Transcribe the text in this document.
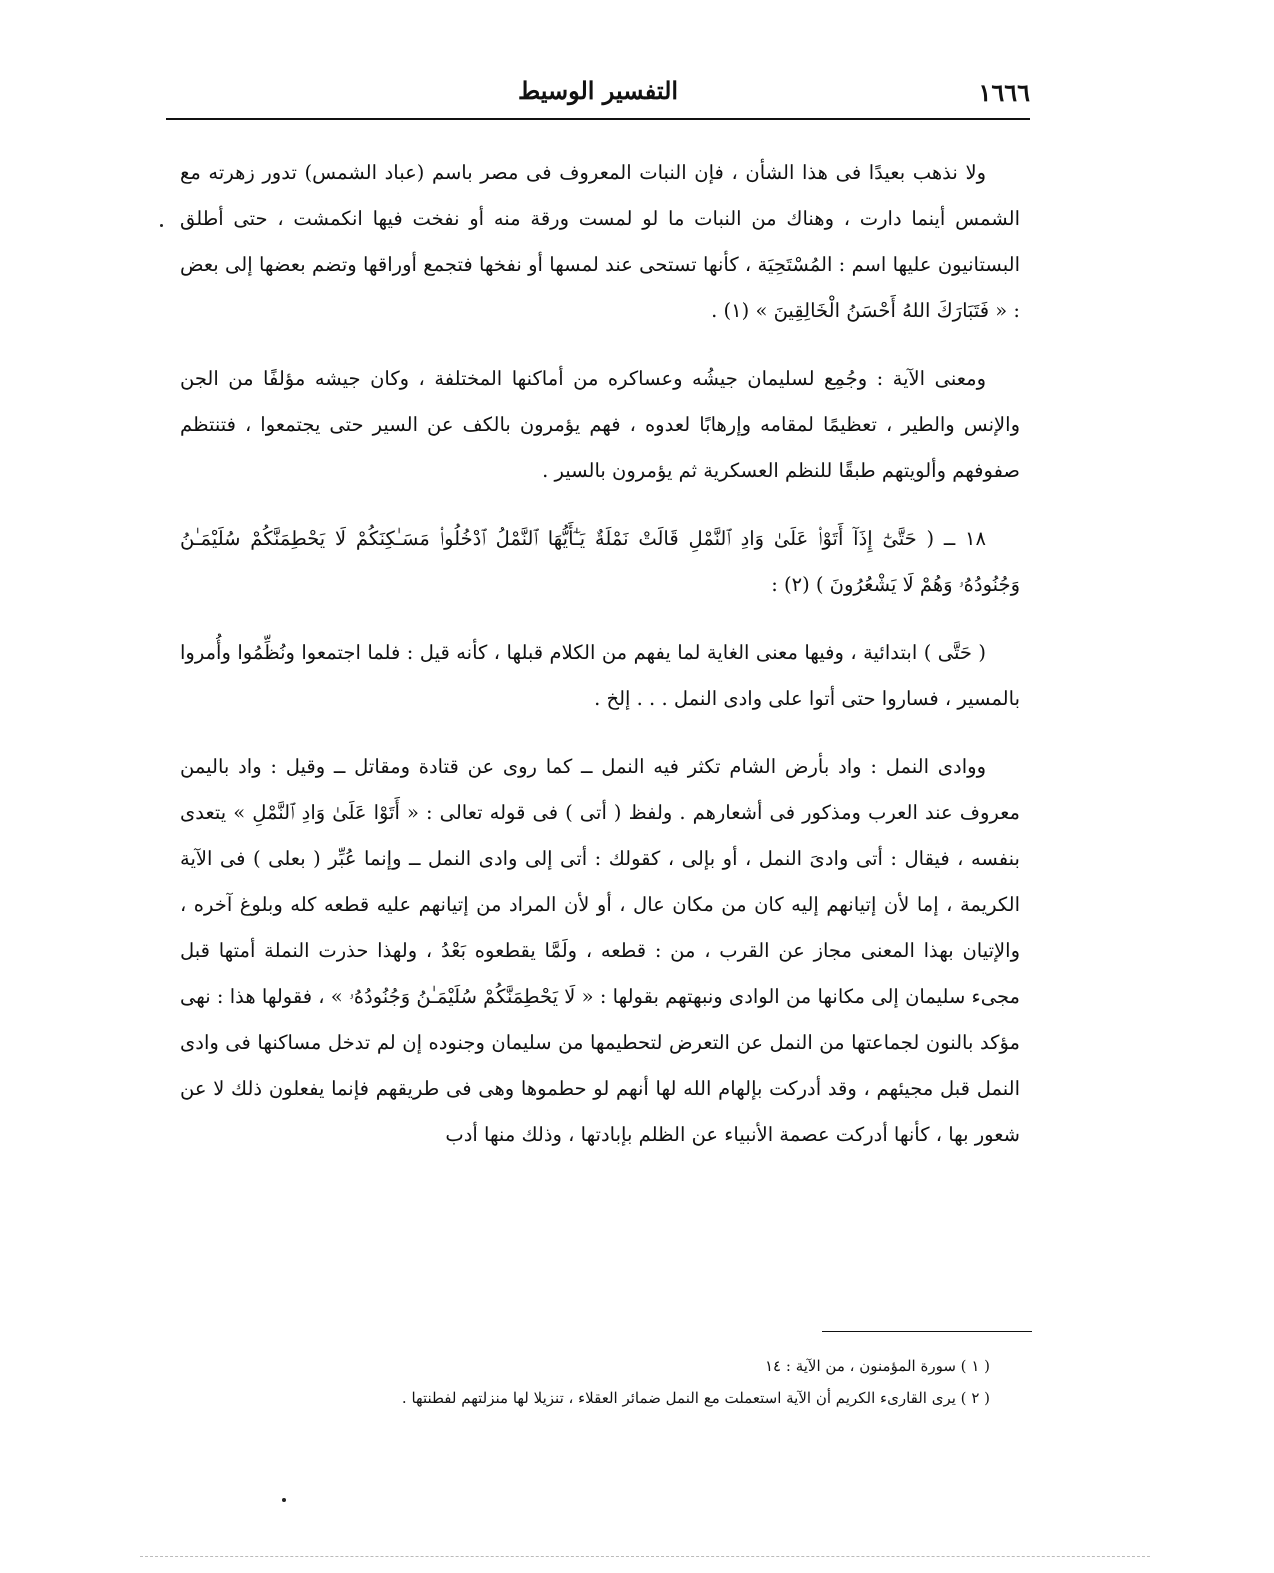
١٦٦٦
التفسير الوسيط

ولا نذهب بعيدًا فى هذا الشأن ، فإن النبات المعروف فى مصر باسم (عباد الشمس) تدور زهرته مع الشمس أينما دارت ، وهناك من النبات ما لو لمست ورقة منه أو نفخت فيها انكمشت ، حتى أطلق البستانيون عليها اسم : المُسْتَحِيَة ، كأنها تستحى عند لمسها أو نفخها فتجمع أوراقها وتضم بعضها إلى بعض : « فَتَبَارَكَ اللهُ أَحْسَنُ الْخَالِقِينَ » (١) .

ومعنى الآية : وجُمِع لسليمان جيشُه وعساكره من أماكنها المختلفة ، وكان جيشه مؤلفًا من الجن والإنس والطير ، تعظيمًا لمقامه وإرهابًا لعدوه ، فهم يؤمرون بالكف عن السير حتى يجتمعوا ، فتنتظم صفوفهم وألويتهم طبقًا للنظم العسكرية ثم يؤمرون بالسير .

١٨ ــ ( حَتَّىٰٓ إِذَآ أَتَوْا۟ عَلَىٰ وَادِ ٱلنَّمْلِ قَالَتْ نَمْلَةٌ يَـٰٓأَيُّهَا ٱلنَّمْلُ ٱدْخُلُوا۟ مَسَـٰكِنَكُمْ لَا يَحْطِمَنَّكُمْ سُلَيْمَـٰنُ وَجُنُودُهُۥ وَهُمْ لَا يَشْعُرُونَ ) (٢) :

( حَتَّى ) ابتدائية ، وفيها معنى الغاية لما يفهم من الكلام قبلها ، كأنه قيل : فلما اجتمعوا ونُظِّمُوا وأُمروا بالمسير ، فساروا حتى أتوا على وادى النمل . . . إلخ .

ووادى النمل : واد بأرض الشام تكثر فيه النمل ــ كما روى عن قتادة ومقاتل ــ وقيل : واد باليمن معروف عند العرب ومذكور فى أشعارهم . ولفظ ( أتى ) فى قوله تعالى : « أَتَوْا عَلَىٰ وَادِ ٱلنَّمْلِ » يتعدى بنفسه ، فيقال : أتى وادىَ النمل ، أو بإلى ، كقولك : أتى إلى وادى النمل ــ وإنما عُبِّر ( بعلى ) فى الآية الكريمة ، إما لأن إتيانهم إليه كان من مكان عال ، أو لأن المراد من إتيانهم عليه قطعه كله وبلوغ آخره ، والإتيان بهذا المعنى مجاز عن القرب ، من : قطعه ، ولَمَّا يقطعوه بَعْدُ ، ولهذا حذرت النملة أمتها قبل مجىء سليمان إلى مكانها من الوادى ونبهتهم بقولها : « لَا يَحْطِمَنَّكُمْ سُلَيْمَـٰنُ وَجُنُودُهُۥ » ، فقولها هذا : نهى مؤكد بالنون لجماعتها من النمل عن التعرض لتحطيمها من سليمان وجنوده إن لم تدخل مساكنها فى وادى النمل قبل مجيئهم ، وقد أدركت بإلهام الله لها أنهم لو حطموها وهى فى طريقهم فإنما يفعلون ذلك لا عن شعور بها ، كأنها أدركت عصمة الأنبياء عن الظلم بإبادتها ، وذلك منها أدب

( ١ ) سورة المؤمنون ، من الآية : ١٤

( ٢ ) يرى القارىء الكريم أن الآية استعملت مع النمل ضمائر العقلاء ، تنزيلا لها منزلتهم لفطنتها .
